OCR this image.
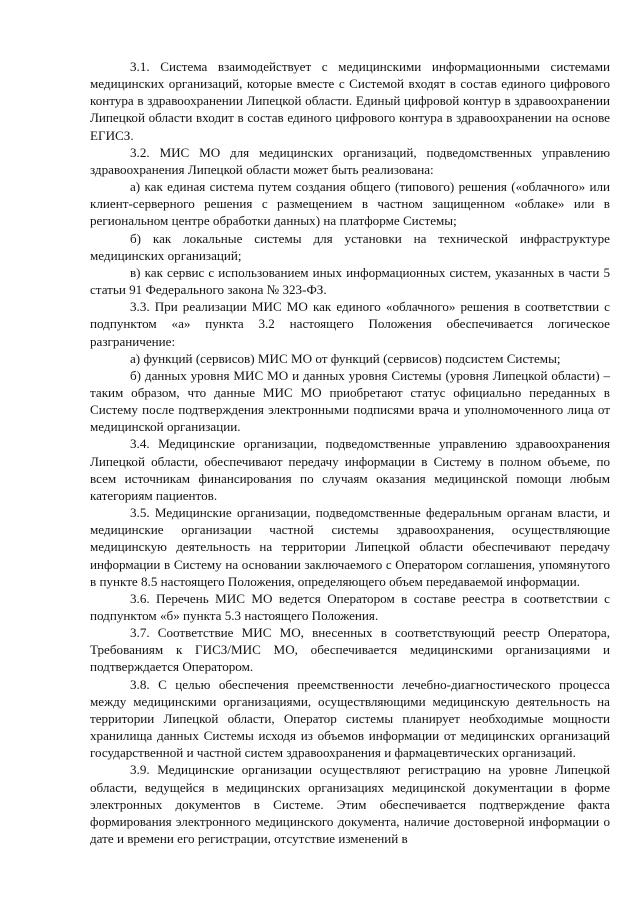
3.1. Система взаимодействует с медицинскими информационными системами медицинских организаций, которые вместе с Системой входят в состав единого цифрового контура в здравоохранении Липецкой области. Единый цифровой контур в здравоохранении Липецкой области входит в состав единого цифрового контура в здравоохранении на основе ЕГИСЗ.

3.2. МИС МО для медицинских организаций, подведомственных управлению здравоохранения Липецкой области может быть реализована:

а) как единая система путем создания общего (типового) решения («облачного» или клиент-серверного решения с размещением в частном защищенном «облаке» или в региональном центре обработки данных) на платформе Системы;

б) как локальные системы для установки на технической инфраструктуре медицинских организаций;

в) как сервис с использованием иных информационных систем, указанных в части 5 статьи 91 Федерального закона № 323-ФЗ.

3.3. При реализации МИС МО как единого «облачного» решения в соответствии с подпунктом «а» пункта 3.2 настоящего Положения обеспечивается логическое разграничение:

а) функций (сервисов) МИС МО от функций (сервисов) подсистем Системы;

б) данных уровня МИС МО и данных уровня Системы (уровня Липецкой области) – таким образом, что данные МИС МО приобретают статус официально переданных в Систему после подтверждения электронными подписями врача и уполномоченного лица от медицинской организации.

3.4. Медицинские организации, подведомственные управлению здравоохранения Липецкой области, обеспечивают передачу информации в Систему в полном объеме, по всем источникам финансирования по случаям оказания медицинской помощи любым категориям пациентов.

3.5. Медицинские организации, подведомственные федеральным органам власти, и медицинские организации частной системы здравоохранения, осуществляющие медицинскую деятельность на территории Липецкой области обеспечивают передачу информации в Систему на основании заключаемого с Оператором соглашения, упомянутого в пункте 8.5 настоящего Положения, определяющего объем передаваемой информации.

3.6. Перечень МИС МО ведется Оператором в составе реестра в соответствии с подпунктом «б» пункта 5.3 настоящего Положения.

3.7. Соответствие МИС МО, внесенных в соответствующий реестр Оператора, Требованиям к ГИСЗ/МИС МО, обеспечивается медицинскими организациями и подтверждается Оператором.

3.8. С целью обеспечения преемственности лечебно-диагностического процесса между медицинскими организациями, осуществляющими медицинскую деятельность на территории Липецкой области, Оператор системы планирует необходимые мощности хранилища данных Системы исходя из объемов информации от медицинских организаций государственной и частной систем здравоохранения и фармацевтических организаций.

3.9. Медицинские организации осуществляют регистрацию на уровне Липецкой области, ведущейся в медицинских организациях медицинской документации в форме электронных документов в Системе. Этим обеспечивается подтверждение факта формирования электронного медицинского документа, наличие достоверной информации о дате и времени его регистрации, отсутствие изменений в
